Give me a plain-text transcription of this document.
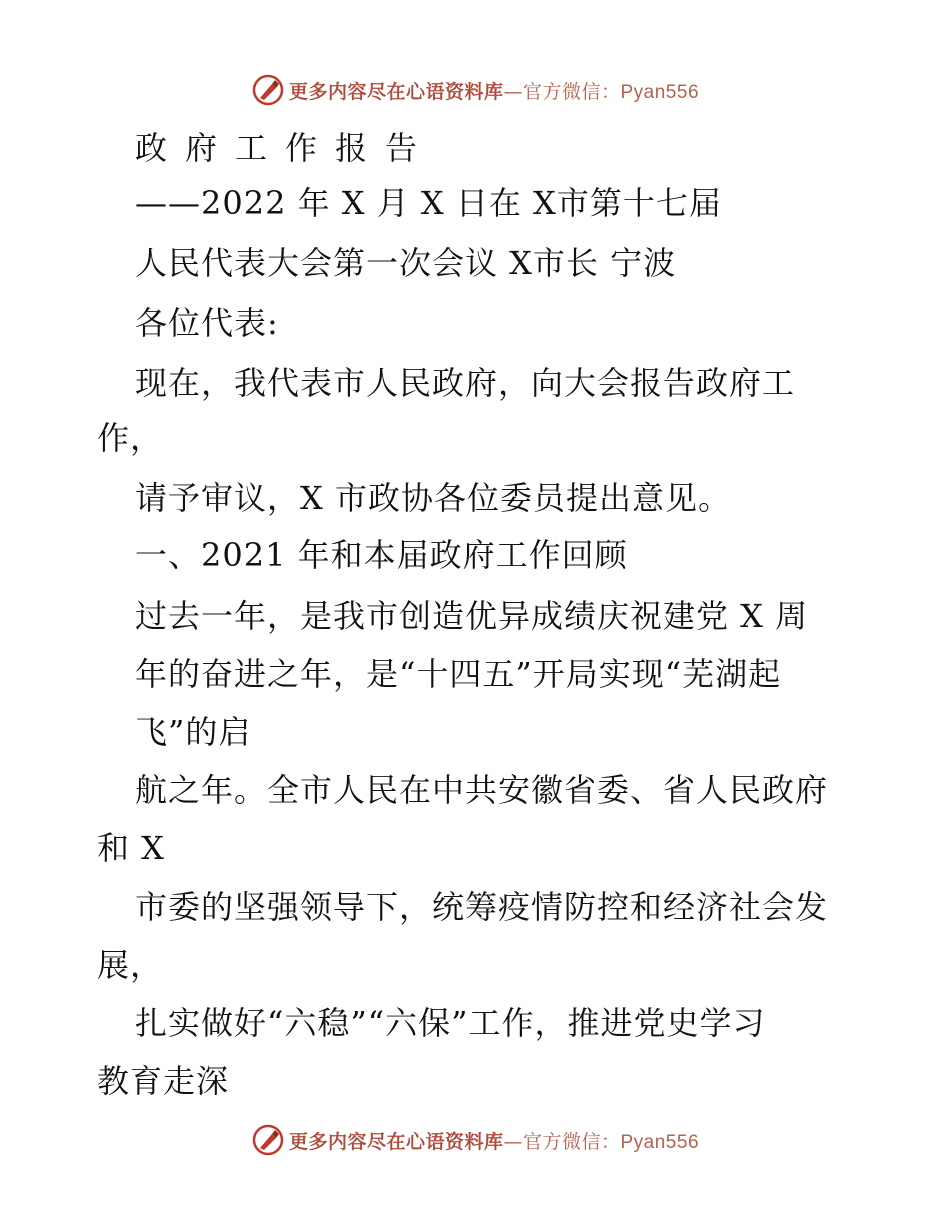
更多内容尽在心语资料库—官方微信：Pyan556
政府工作报告
——2022 年 X 月 X 日在 X市第十七届
人民代表大会第一次会议 X市长 宁波
各位代表:
现在，我代表市人民政府，向大会报告政府工
作，
请予审议，X 市政协各位委员提出意见。
一、2021 年和本届政府工作回顾
过去一年，是我市创造优异成绩庆祝建党 X 周
年的奋进之年，是“十四五”开局实现“芜湖起
飞”的启
航之年。全市人民在中共安徽省委、省人民政府
和 X
市委的坚强领导下，统筹疫情防控和经济社会发
展，
扎实做好“六稳”“六保”工作，推进党史学习
教育走深
更多内容尽在心语资料库—官方微信：Pyan556
